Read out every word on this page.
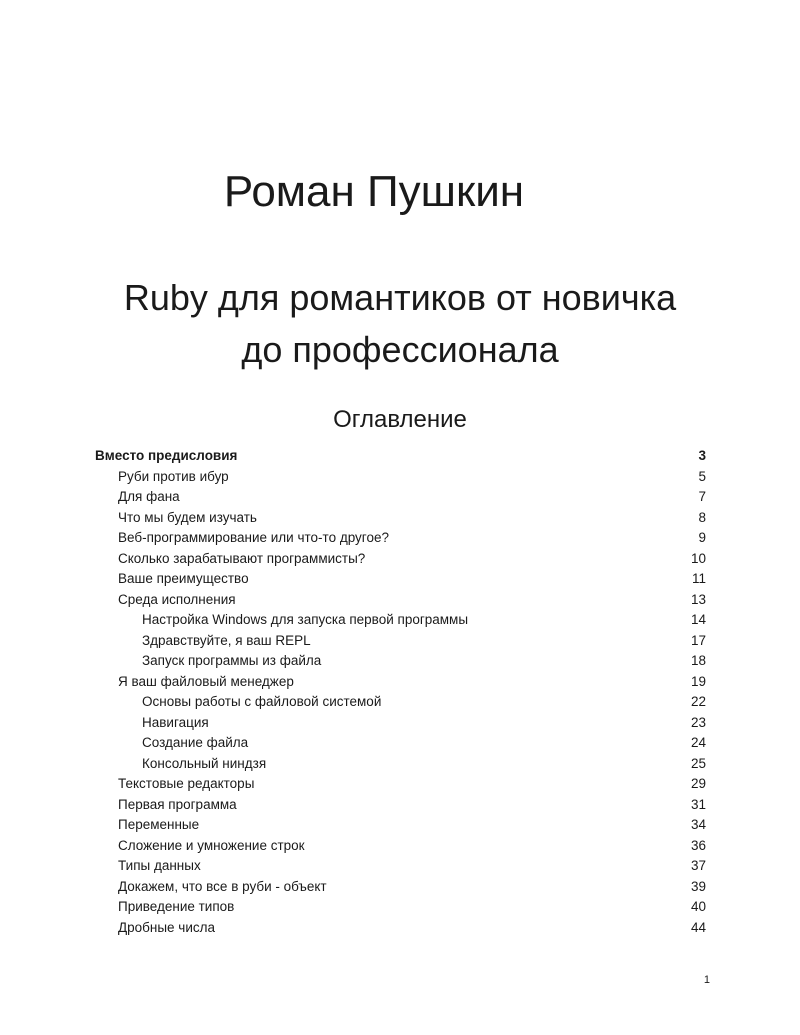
Роман Пушкин
Ruby для романтиков от новичка
до профессионала
Оглавление
Вместо предисловия	3
Руби против ибур	5
Для фана	7
Что мы будем изучать	8
Веб-программирование или что-то другое?	9
Сколько зарабатывают программисты?	10
Ваше преимущество	11
Среда исполнения	13
Настройка Windows для запуска первой программы	14
Здравствуйте, я ваш REPL	17
Запуск программы из файла	18
Я ваш файловый менеджер	19
Основы работы с файловой системой	22
Навигация	23
Создание файла	24
Консольный ниндзя	25
Текстовые редакторы	29
Первая программа	31
Переменные	34
Сложение и умножение строк	36
Типы данных	37
Докажем, что все в руби - объект	39
Приведение типов	40
Дробные числа	44
1
